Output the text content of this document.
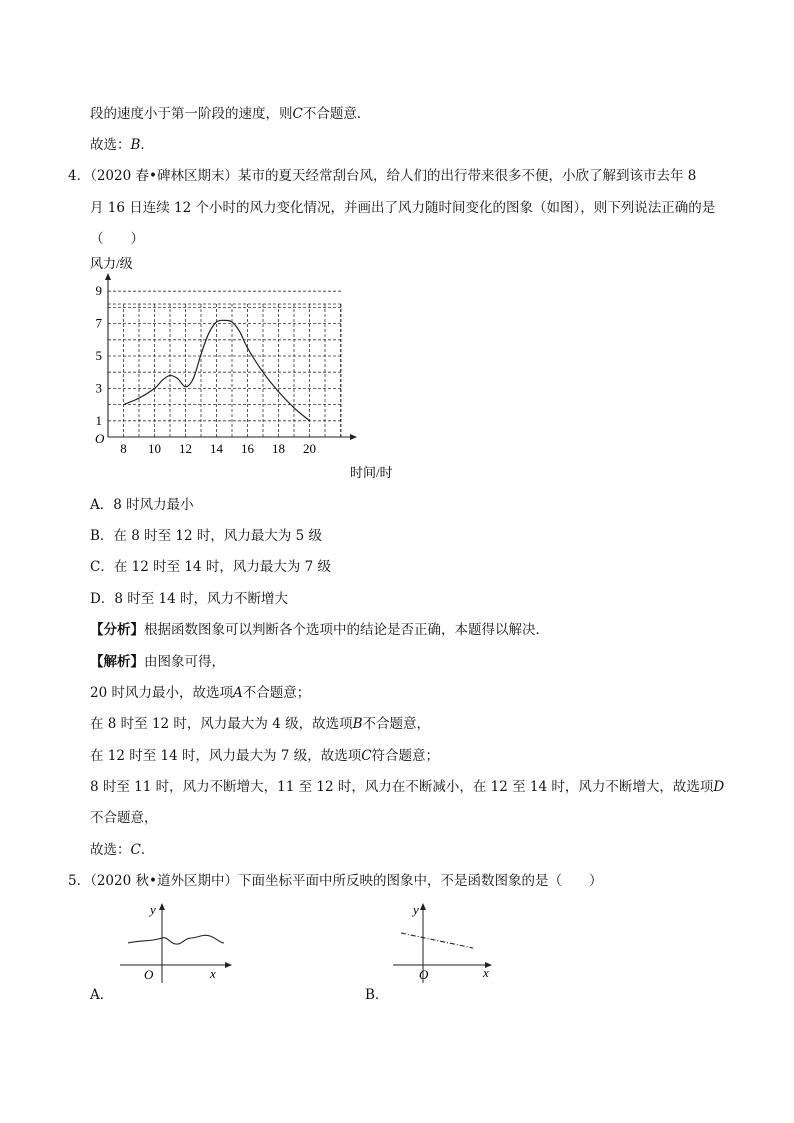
段的速度小于第一阶段的速度，则C不合题意．
故选：B．
4．（2020 春•碑林区期末）某市的夏天经常刮台风，给人们的出行带来很多不便，小欣了解到该市去年 8
月 16 日连续 12 个小时的风力变化情况，并画出了风力随时间变化的图象（如图），则下列说法正确的是
（　　）
8 10 12 14 16 18 20
1
3
5
7
9
风力/级
时间/时
O
A．8 时风力最小
B．在 8 时至 12 时，风力最大为 5 级
C．在 12 时至 14 时，风力最大为 7 级
D．8 时至 14 时，风力不断增大
【分析】根据函数图象可以判断各个选项中的结论是否正确，本题得以解决．
【解析】由图象可得，
20 时风力最小，故选项A不合题意；
在 8 时至 12 时，风力最大为 4 级，故选项B不合题意，
在 12 时至 14 时，风力最大为 7 级，故选项C符合题意；
8 时至 11 时，风力不断增大，11 至 12 时，风力在不断减小，在 12 至 14 时，风力不断增大，故选项D
不合题意，
故选：C．
5．（2020 秋•道外区期中）下面坐标平面中所反映的图象中，不是函数图象的是（　　）
y
x
O
A．
y
x
O
B．
